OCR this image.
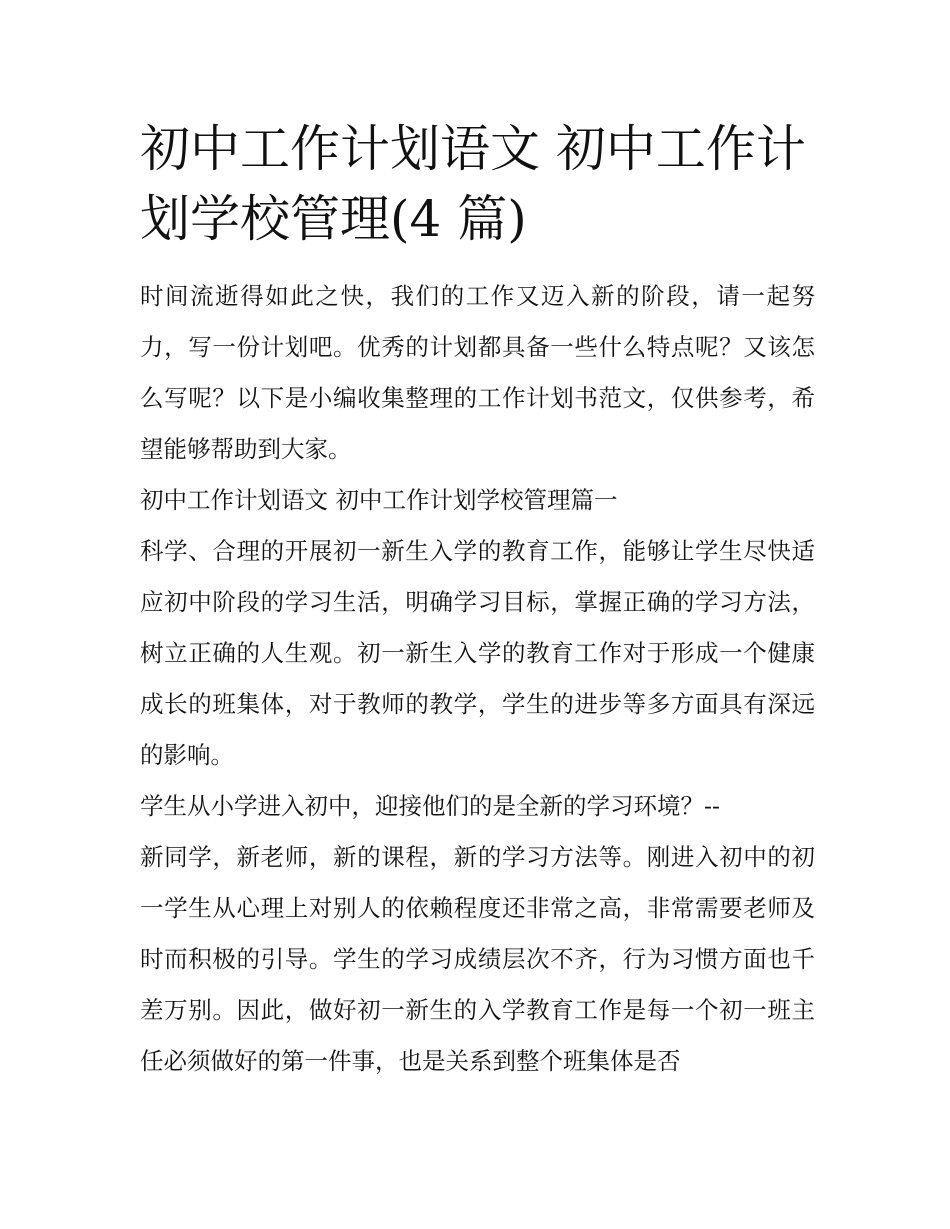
初中工作计划语文 初中工作计
划学校管理(4 篇)

时间流逝得如此之快，我们的工作又迈入新的阶段，请一起努力，写一份计划吧。优秀的计划都具备一些什么特点呢？又该怎么写呢？以下是小编收集整理的工作计划书范文，仅供参考，希望能够帮助到大家。

初中工作计划语文 初中工作计划学校管理篇一

科学、合理的开展初一新生入学的教育工作，能够让学生尽快适应初中阶段的学习生活，明确学习目标，掌握正确的学习方法，树立正确的人生观。初一新生入学的教育工作对于形成一个健康成长的班集体，对于教师的教学，学生的进步等多方面具有深远的影响。

学生从小学进入初中，迎接他们的是全新的学习环境？--

新同学，新老师，新的课程，新的学习方法等。刚进入初中的初一学生从心理上对别人的依赖程度还非常之高，非常需要老师及时而积极的引导。学生的学习成绩层次不齐，行为习惯方面也千差万别。因此，做好初一新生的入学教育工作是每一个初一班主任必须做好的第一件事，也是关系到整个班集体是否
